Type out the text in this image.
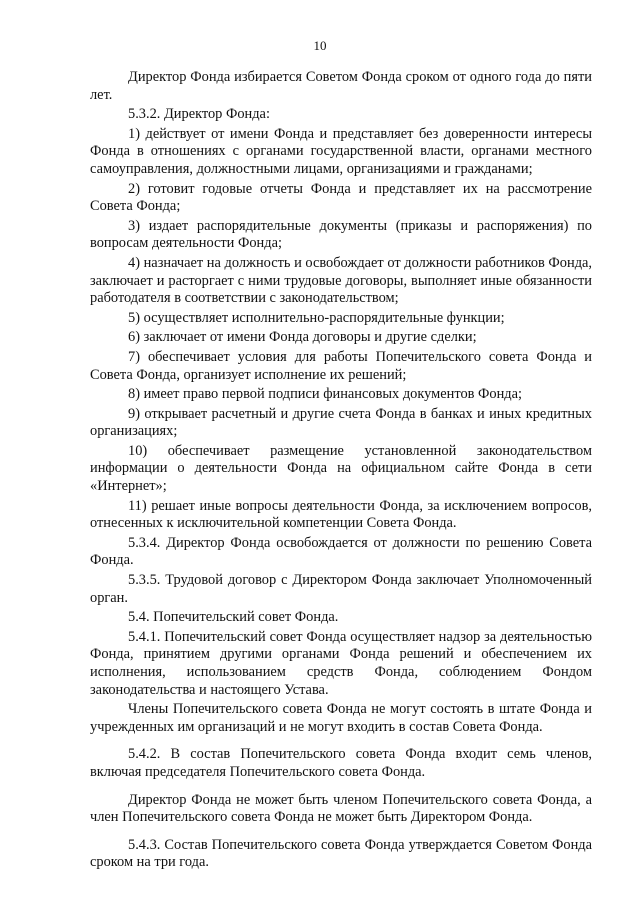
10

Директор Фонда избирается Советом Фонда сроком от одного года до пяти лет.

5.3.2. Директор Фонда:

1) действует от имени Фонда и представляет без доверенности интересы Фонда в отношениях с органами государственной власти, органами местного самоуправления, должностными лицами, организациями и гражданами;

2) готовит годовые отчеты Фонда и представляет их на рассмотрение Совета Фонда;

3) издает распорядительные документы (приказы и распоряжения) по вопросам деятельности Фонда;

4) назначает на должность и освобождает от должности работников Фонда, заключает и расторгает с ними трудовые договоры, выполняет иные обязанности работодателя в соответствии с законодательством;

5) осуществляет исполнительно-распорядительные функции;

6) заключает от имени Фонда договоры и другие сделки;

7) обеспечивает условия для работы Попечительского совета Фонда и Совета Фонда, организует исполнение их решений;

8) имеет право первой подписи финансовых документов Фонда;

9) открывает расчетный и другие счета Фонда в банках и иных кредитных организациях;

10) обеспечивает размещение установленной законодательством информации о деятельности Фонда на официальном сайте Фонда в сети «Интернет»;

11) решает иные вопросы деятельности Фонда, за исключением вопросов, отнесенных к исключительной компетенции Совета Фонда.

5.3.4. Директор Фонда освобождается от должности по решению Совета Фонда.

5.3.5. Трудовой договор с Директором Фонда заключает Уполномоченный орган.

5.4. Попечительский совет Фонда.

5.4.1. Попечительский совет Фонда осуществляет надзор за деятельностью Фонда, принятием другими органами Фонда решений и обеспечением их исполнения, использованием средств Фонда, соблюдением Фондом законодательства и настоящего Устава.

Члены Попечительского совета Фонда не могут состоять в штате Фонда и учрежденных им организаций и не могут входить в состав Совета Фонда.

5.4.2. В состав Попечительского совета Фонда входит семь членов, включая председателя Попечительского совета Фонда.

Директор Фонда не может быть членом Попечительского совета Фонда, а член Попечительского совета Фонда не может быть Директором Фонда.

5.4.3. Состав Попечительского совета Фонда утверждается Советом Фонда сроком на три года.
